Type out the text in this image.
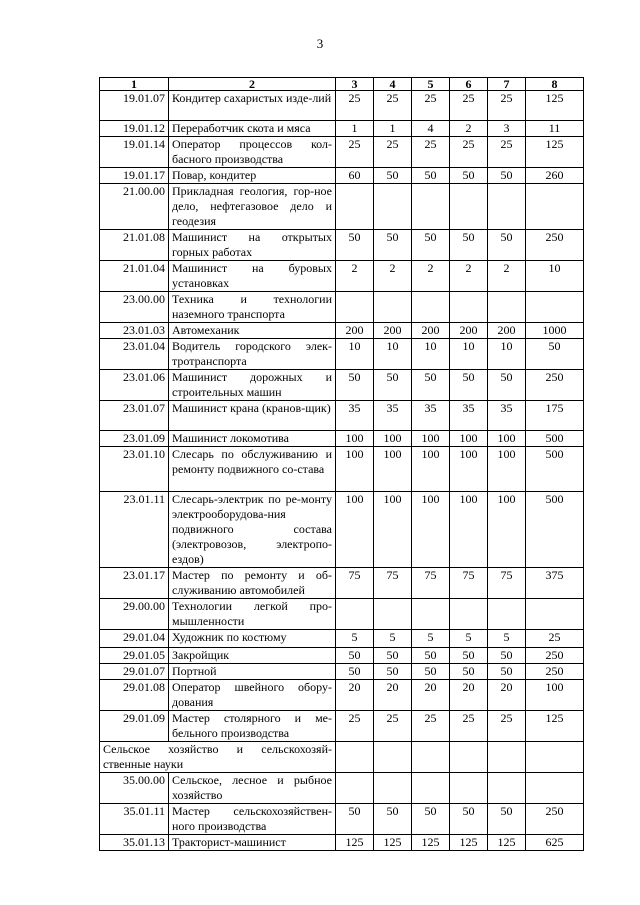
3
1	2	3	4	5	6	7	8
19.01.07	Кондитер сахаристых изде-лий	25	25	25	25	25	125
19.01.12	Переработчик скота и мяса	1	1	4	2	3	11
19.01.14	Оператор процессов кол-басного производства	25	25	25	25	25	125
19.01.17	Повар, кондитер	60	50	50	50	50	260
21.00.00	Прикладная геология, гор-ное дело, нефтегазовое дело и геодезия						
21.01.08	Машинист на открытых горных работах	50	50	50	50	50	250
21.01.04	Машинист на буровых установках	2	2	2	2	2	10
23.00.00	Техника и технологии наземного транспорта						
23.01.03	Автомеханик	200	200	200	200	200	1000
23.01.04	Водитель городского элек-тротранспорта	10	10	10	10	10	50
23.01.06	Машинист дорожных и строительных машин	50	50	50	50	50	250
23.01.07	Машинист крана (кранов-щик)	35	35	35	35	35	175
23.01.09	Машинист локомотива	100	100	100	100	100	500
23.01.10	Слесарь по обслуживанию и ремонту подвижного со-става	100	100	100	100	100	500
23.01.11	Слесарь-электрик по ре-монту электрооборудова-ния подвижного состава (электровозов, электропо-ездов)	100	100	100	100	100	500
23.01.17	Мастер по ремонту и об-служиванию автомобилей	75	75	75	75	75	375
29.00.00	Технологии легкой про-мышленности						
29.01.04	Художник по костюму	5	5	5	5	5	25
29.01.05	Закройщик	50	50	50	50	50	250
29.01.07	Портной	50	50	50	50	50	250
29.01.08	Оператор швейного обору-дования	20	20	20	20	20	100
29.01.09	Мастер столярного и ме-бельного производства	25	25	25	25	25	125
Сельское хозяйство и сельскохозяй-ственные науки							
35.00.00	Сельское, лесное и рыбное хозяйство						
35.01.11	Мастер сельскохозяйствен-ного производства	50	50	50	50	50	250
35.01.13	Тракторист-машинист	125	125	125	125	125	625
